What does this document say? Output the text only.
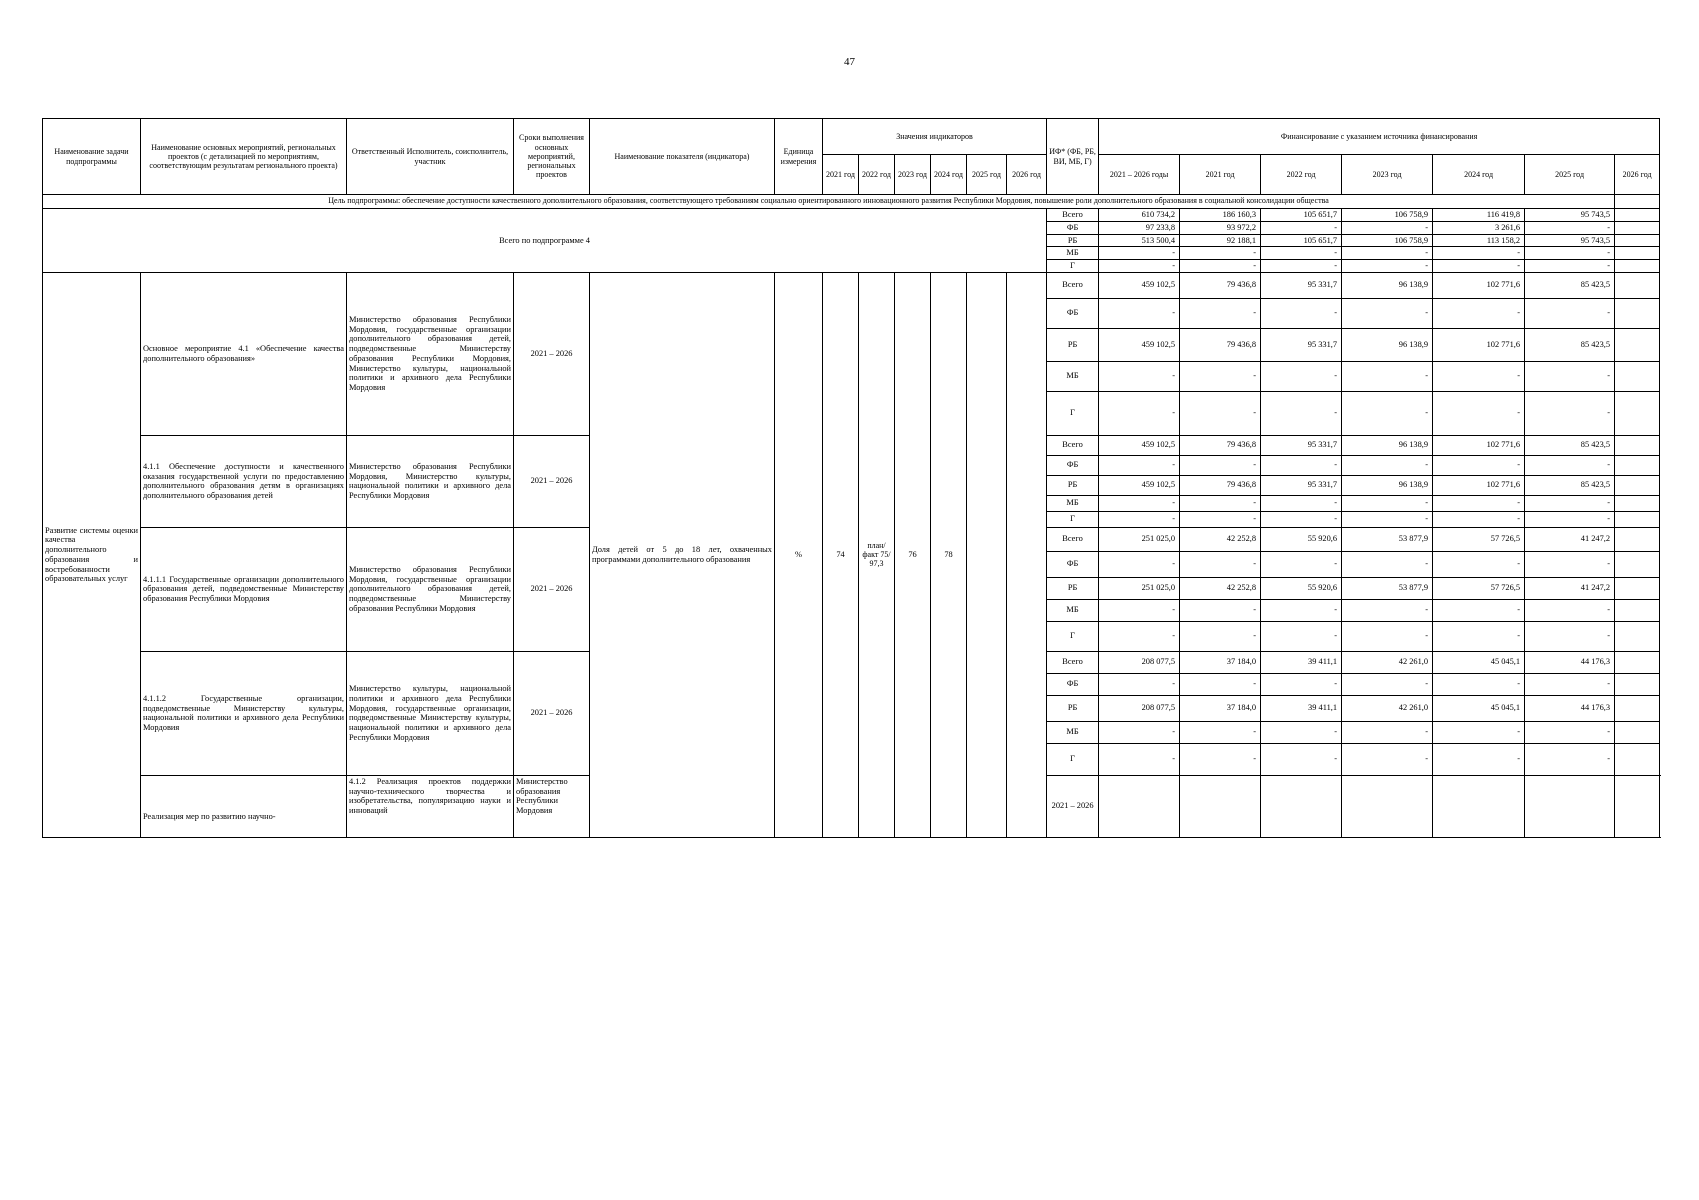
47
Наименование задачи подпрограммы	Наименование основных мероприятий, региональных проектов (с детализацией по мероприятиям, соответствующим результатам регионального проекта)	Ответственный Исполнитель, соисполнитель, участник	Сроки выполнения основных мероприятий, региональных проектов	Наименование показателя (индикатора)	Единица измерения	Значения индикаторов						ИФ* (ФБ, РБ, ВИ, МБ, Г)	Финансирование с указанием источника финансирования							
						2021 год	2022 год	2023 год	2024 год	2025 год	2026 год		2021 – 2026 годы	2021 год	2022 год	2023 год	2024 год	2025 год	2026 год	
Цель подпрограммы: обеспечение доступности качественного дополнительного образования, соответствующего требованиям социально ориентированного инновационного развития Республики Мордовия, повышение роли дополнительного образования в социальной консолидации общества																				
Всего по подпрограмме 4												Всего	610 734,2	186 160,3	105 651,7	106 758,9	116 419,8	95 743,5		
												ФБ	97 233,8	93 972,2	-	-	3 261,6	-		
												РБ	513 500,4	92 188,1	105 651,7	106 758,9	113 158,2	95 743,5		
												МБ	-	-	-	-	-	-		
												Г	-	-	-	-	-	-		
Развитие системы оценки качества дополнительного образования и востребованности образовательных услуг	Основное мероприятие 4.1 «Обеспечение качества дополнительного образования»	Министерство образования Республики Мордовия, государственные организации дополнительного образования детей, подведомственные Министерству образования Республики Мордовия, Министерство культуры, национальной политики и архивного дела Республики Мордовия	2021 – 2026	Доля детей от 5 до 18 лет, охваченных программами дополнительного образования	%	74	план/ факт 75/ 97,3	76	78			Всего	459 102,5	79 436,8	95 331,7	96 138,9	102 771,6	85 423,5		
												ФБ	-	-	-	-	-	-		
												РБ	459 102,5	79 436,8	95 331,7	96 138,9	102 771,6	85 423,5		
												МБ	-	-	-	-	-	-		
												Г	-	-	-	-	-	-		
	4.1.1 Обеспечение доступности и качественного оказания государственной услуги по предоставлению дополнительного образования детям в организациях дополнительного образования детей	Министерство образования Республики Мордовия, Министерство культуры, национальной политики и архивного дела Республики Мордовия	2021 – 2026									Всего	459 102,5	79 436,8	95 331,7	96 138,9	102 771,6	85 423,5		
												ФБ	-	-	-	-	-	-		
												РБ	459 102,5	79 436,8	95 331,7	96 138,9	102 771,6	85 423,5		
												МБ	-	-	-	-	-	-		
												Г	-	-	-	-	-	-		
	4.1.1.1 Государственные организации дополнительного образования детей, подведомственные Министерству образования Республики Мордовия	Министерство образования Республики Мордовия, государственные организации дополнительного образования детей, подведомственные Министерству образования Республики Мордовия	2021 – 2026									Всего	251 025,0	42 252,8	55 920,6	53 877,9	57 726,5	41 247,2		
												ФБ	-	-	-	-	-	-		
												РБ	251 025,0	42 252,8	55 920,6	53 877,9	57 726,5	41 247,2		
												МБ	-	-	-	-	-	-		
												Г	-	-	-	-	-	-		
	4.1.1.2 Государственные организации, подведомственные Министерству культуры, национальной политики и архивного дела Республики Мордовия	Министерство культуры, национальной политики и архивного дела Республики Мордовия, государственные организации, подведомственные Министерству культуры, национальной политики и архивного дела Республики Мордовия	2021 – 2026									Всего	208 077,5	37 184,0	39 411,1	42 261,0	45 045,1	44 176,3		
												ФБ	-	-	-	-	-	-		
												РБ	208 077,5	37 184,0	39 411,1	42 261,0	45 045,1	44 176,3		
												МБ	-	-	-	-	-	-		
												Г	-	-	-	-	-	-		

	Реализация мер по развитию научно-	4.1.2 Реализация проектов поддержки научно-технического творчества и изобретательства, популяризацию науки и инноваций	Министерство образования Республики Мордовия									2021 – 2026									
